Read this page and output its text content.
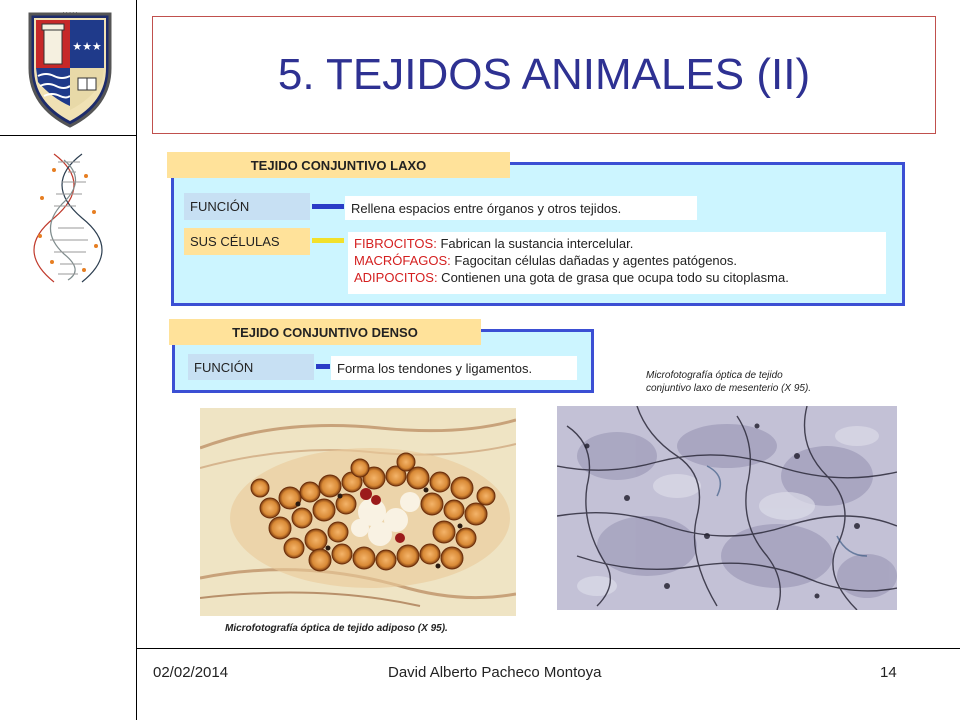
★★★
· · · · ·
5. TEJIDOS ANIMALES (II)
TEJIDO CONJUNTIVO LAXO
FUNCIÓN	Rellena espacios entre órganos y otros tejidos.
SUS CÉLULAS	FIBROCITOS: Fabrican la sustancia intercelular.
MACRÓFAGOS: Fagocitan células dañadas y agentes patógenos.
ADIPOCITOS: Contienen una gota de grasa que ocupa todo su citoplasma.
TEJIDO CONJUNTIVO DENSO
FUNCIÓN	Forma los tendones y ligamentos.	Microfotografía óptica de tejido
conjuntivo laxo de mesenterio (X 95).
Microfotografía óptica de tejido adiposo (X 95).
02/02/2014	David Alberto Pacheco Montoya	14
